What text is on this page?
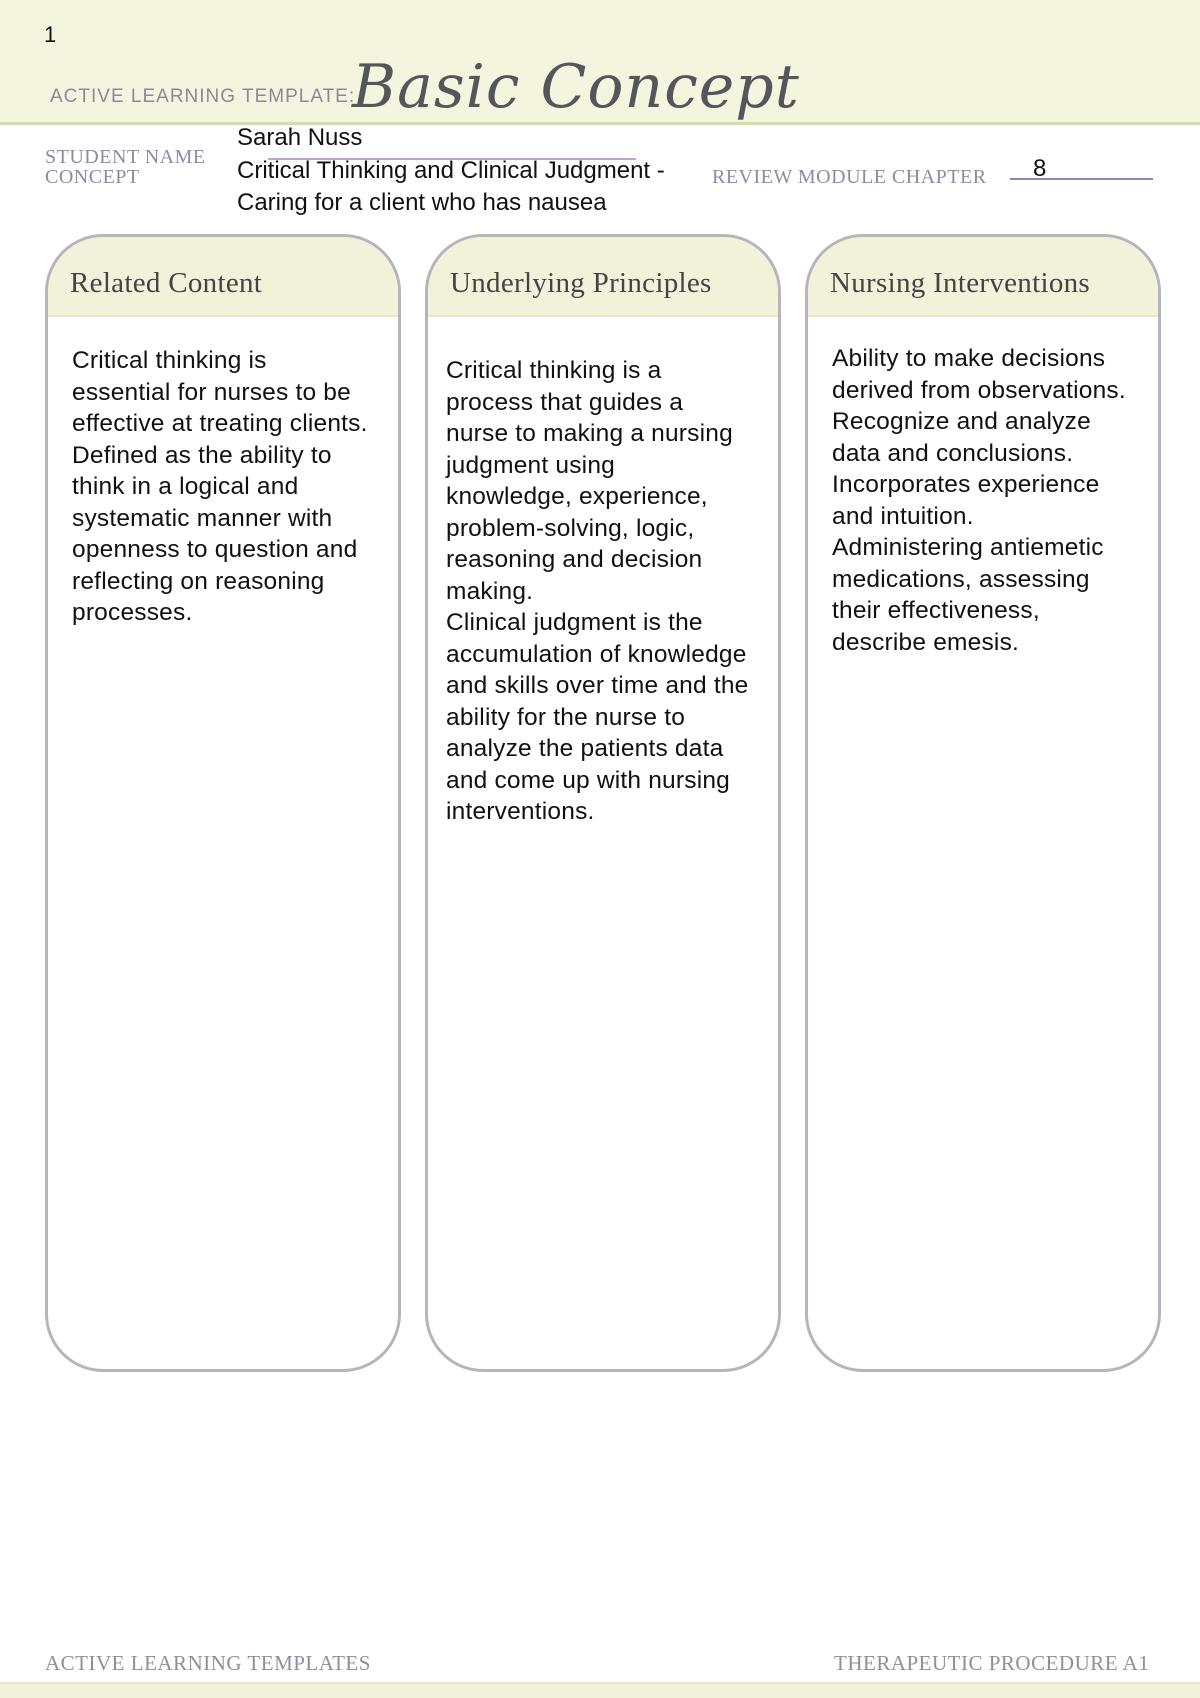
1
ACTIVE LEARNING TEMPLATE:
Basic Concept
STUDENT NAME
Sarah Nuss
CONCEPT	Critical Thinking and Clinical Judgment - Caring for a client who has nausea
REVIEW MODULE CHAPTER 8
Related Content
Critical thinking is
essential for nurses to be
effective at treating clients.
Defined as the ability to
think in a logical and
systematic manner with
openness to question and
reflecting on reasoning
processes.
Underlying Principles
Critical thinking is a
process that guides a
nurse to making a nursing
judgment using
knowledge, experience,
problem-solving, logic,
reasoning and decision
making.
Clinical judgment is the
accumulation of knowledge
and skills over time and the
ability for the nurse to
analyze the patients data
and come up with nursing
interventions.
Nursing Interventions
Ability to make decisions
derived from observations.
Recognize and analyze
data and conclusions.
Incorporates experience
and intuition.
Administering antiemetic
medications, assessing
their effectiveness,
describe emesis.
ACTIVE LEARNING TEMPLATES	THERAPEUTIC PROCEDURE A1
